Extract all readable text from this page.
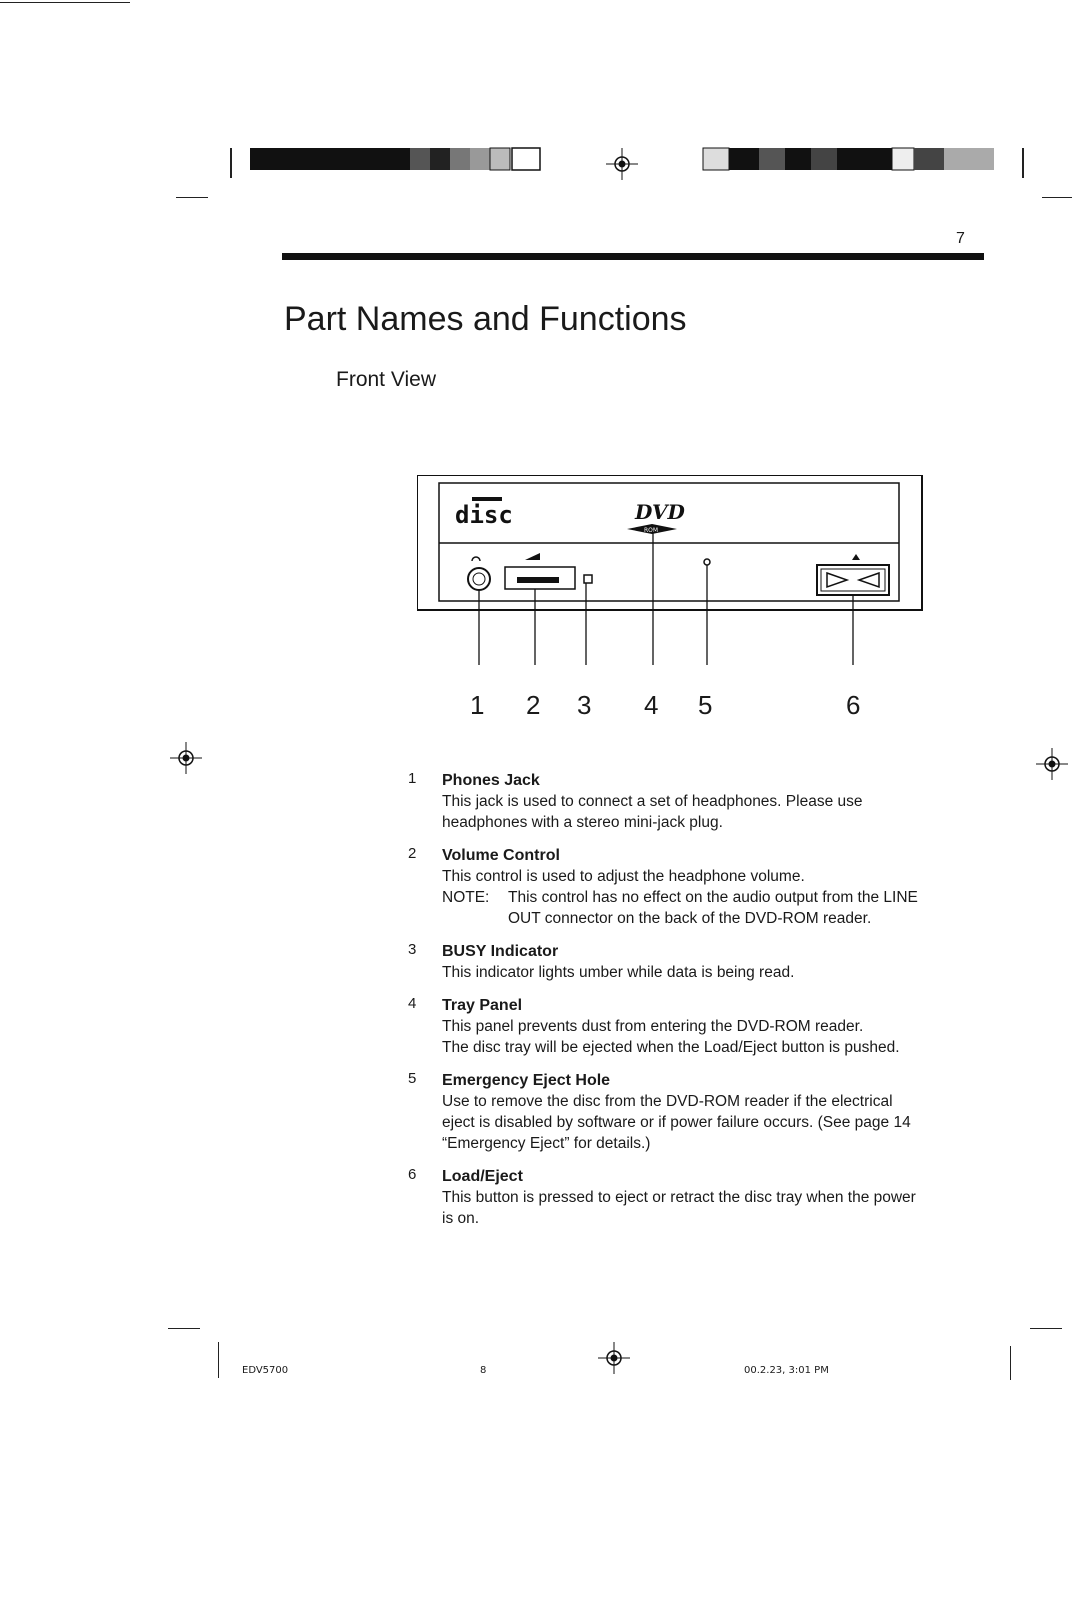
7
Part Names and Functions
Front View
disc	DVD
ROM
1 2 3 4 5	6
1 Phones Jack
This jack is used to connect a set of headphones. Please use
headphones with a stereo mini-jack plug.
2 Volume Control
This control is used to adjust the headphone volume.
NOTE:	This control has no effect on the audio output from the LINE
OUT connector on the back of the DVD-ROM reader.
3 BUSY Indicator
This indicator lights umber while data is being read.
4 Tray Panel
This panel prevents dust from entering the DVD-ROM reader.
The disc tray will be ejected when the Load/Eject button is pushed.
5 Emergency Eject Hole
Use to remove the disc from the DVD-ROM reader if the electrical
eject is disabled by software or if power failure occurs. (See page 14
“Emergency Eject” for details.)
6 Load/Eject
This button is pressed to eject or retract the disc tray when the power
is on.
EDV5700	8	00.2.23, 3:01 PM
